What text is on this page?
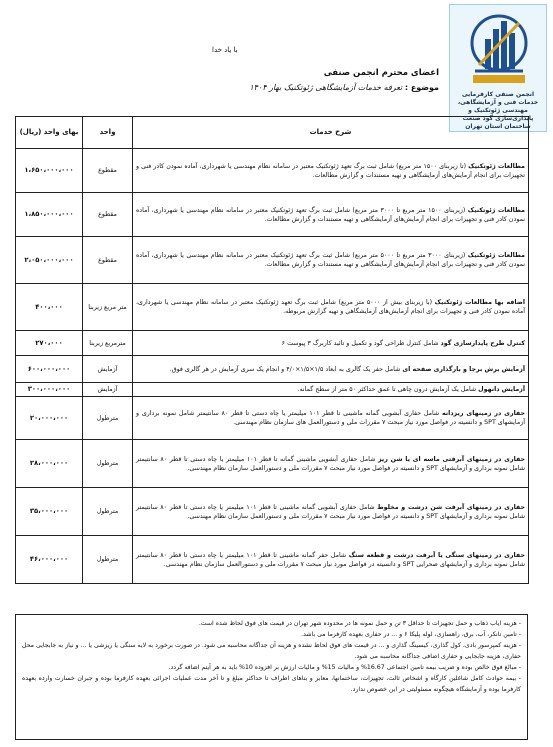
انجمن صنفی کارفرمایی خدمات فنی و آزمایشگاهی، مهندسی ژئوتکنیک و پایداری‌سازی گود صنعت ساختمان استان تهران
با یاد خدا
اعضای محترم انجمن صنفی
موضوع : تعرفه خدمات آزمایشگاهی ژئوتکنیک بهار ۱۴۰۴
شرح خدمات	واحد	بهای واحد (ریال)
مطالعات ژئوتکنیک (تا زیربنای ۱۵۰۰ متر مربع) شامل ثبت برگ تعهد ژئوتکنیک معتبر در سامانه نظام مهندسی یا شهرداری، آماده نمودن کادر فنی و تجهیزات برای انجام آزمایش‌های آزمایشگاهی و تهیه مستندات و گزارش مطالعات.	مقطوع	۱،۶۵۰،۰۰۰،۰۰۰
مطالعات ژئوتکنیک (زیربنای ۱۵۰۰ متر مربع تا ۳۰۰۰ متر مربع) شامل ثبت برگ تعهد ژئوتکنیک معتبر در سامانه نظام مهندسی یا شهرداری، آماده نمودن کادر فنی و تجهیزات برای انجام آزمایش‌های آزمایشگاهی و تهیه مستندات و گزارش مطالعات.	مقطوع	۱،۸۵۰،۰۰۰،۰۰۰
مطالعات ژئوتکنیک (زیربنای ۳۰۰۰ متر مربع تا ۵۰۰۰ متر مربع) شامل ثبت برگ تعهد ژئوتکنیک معتبر در سامانه نظام مهندسی یا شهرداری، آماده نمودن کادر فنی و تجهیزات برای انجام آزمایش‌های آزمایشگاهی و تهیه مستندات و گزارش مطالعات.	مقطوع	۲،۰۵۰،۰۰۰،۰۰۰
اضافه بها مطالعات ژئوتکنیک (با زیربنای بیش از ۵۰۰۰ متر مربع) شامل ثبت برگ تعهد ژئوتکنیک معتبر در سامانه نظام مهندسی یا شهرداری، آماده نمودن کادر فنی و تجهیزات برای انجام آزمایش‌های آزمایشگاهی و تهیه گزارش مربوطه.	متر مربع زیربنا	۴۰۰،۰۰۰
کنترل طرح پایدارسازی گود شامل کنترل طراحی گود و تکمیل و تائید کاربرگ ۳ پیوست ۶	مترمربع زیربنا	۲۷۰،۰۰۰
آزمایش برش برجا و بارگذاری صفحه ای شامل حفر یک گالری به ابعاد ۱/۵×۱/۵×۴/۰ و انجام یک سری آزمایش در هر گالری فوق.	آزمایش	۶۰۰،۰۰۰،۰۰۰
آزمایش دانهول شامل یک آزمایش درون چاهی تا عمق حداکثر ۵۰ متر از سطح گمانه.	آزمایش	۳۰۰،۰۰۰،۰۰۰
حفاری در زمینهای ریزدانه شامل حفاری آبشویی گمانه ماشینی تا قطر ۱۰۱ میلیمتر یا چاه دستی تا قطر ۸۰ سانتیمتر شامل نمونه برداری و آزمایشهای SPT و دانسیته در فواصل مورد نیاز مبحث ۷ مقررات ملی و دستورالعمل های سازمان نظام مهندسی.	مترطول	۲۰،۰۰۰،۰۰۰
حفاری در زمینهای آبرفتی ماسه ای یا شن ریز شامل حفاری آبشویی ماشینی گمانه تا قطر ۱۰۱ میلیمتر یا چاه دستی تا قطر ۸۰ سانتیمتر شامل نمونه برداری و آزمایشهای SPT و دانسیته در فواصل مورد نیاز مبحث ۷ مقررات ملی و دستورالعمل سازمان نظام مهندسی.	مترطول	۲۸،۰۰۰،۰۰۰
حفاری در زمینهای آبرفت شن درشت و مخلوط شامل حفاری آبشویی گمانه ماشینی تا قطر ۱۰۱ میلیمتر یا چاه دستی تا قطر ۸۰ سانتیمتر شامل نمونه برداری و آزمایشهای SPT و دانسیته در فواصل مورد نیاز مبحث ۷ مقررات ملی و دستورالعمل سازمان نظام مهندسی.	مترطول	۳۵،۰۰۰،۰۰۰
حفاری در زمینهای سنگی یا آبرفت درشت و قطعه سنگ شامل حفر گمانه ماشینی تا قطر ۱۰۱ میلیمتر یا چاه دستی تا قطر ۸۰ سانتیمتر شامل نمونه برداری و آزمایشهای صحرایی SPT و دانسیته در فواصل مورد نیاز مبحث ۷ مقررات ملی و دستورالعمل سازمان نظام مهندسی.	مترطول	۴۶،۰۰۰،۰۰۰

- هزینه ایاب ذهاب و حمل تجهیزات تا حداقل ۳ تن و حمل نمونه ها در محدوده شهر تهران در قیمت های فوق لحاظ شده است.

- تامین تانکر، آب، برق، راهسازی، لوله پلیکا ۶ و ... در حفاری بعهده کارفرما می باشد.

- هزینه کمپرسور بادی، کول گذاری، کیسینگ گذاری و ... در قیمت های فوق لحاظ نشده و هزینه آن جداگانه محاسبه می شود. در صورت برخورد به لایه سنگی یا ریزشی یا ... و نیاز به جابجایی محل حفاری، هزینه جابجایی و حفاری اضافی جداگانه محاسبه می شود.

- مبالغ فوق خالص بوده و ضریب بیمه تامین اجتماعی 16.67% و مالیات 15% و مالیات ارزش بر افزوده 10% باید به هر آیتم اضافه گردد.

- بیمه حوادث کامل شاغلین کارگاه و اشخاص ثالث، تجهیزات، ساختمانها، معابر و بناهای اطراف تا حداکثر مبلغ و تا آخر مدت عملیات اجرائی بعهده کارفرما بوده و جبران خسارت وارده بعهده کارفرما بوده و آزمایشگاه هیچگونه مسئولیتی در این خصوص ندارد.
